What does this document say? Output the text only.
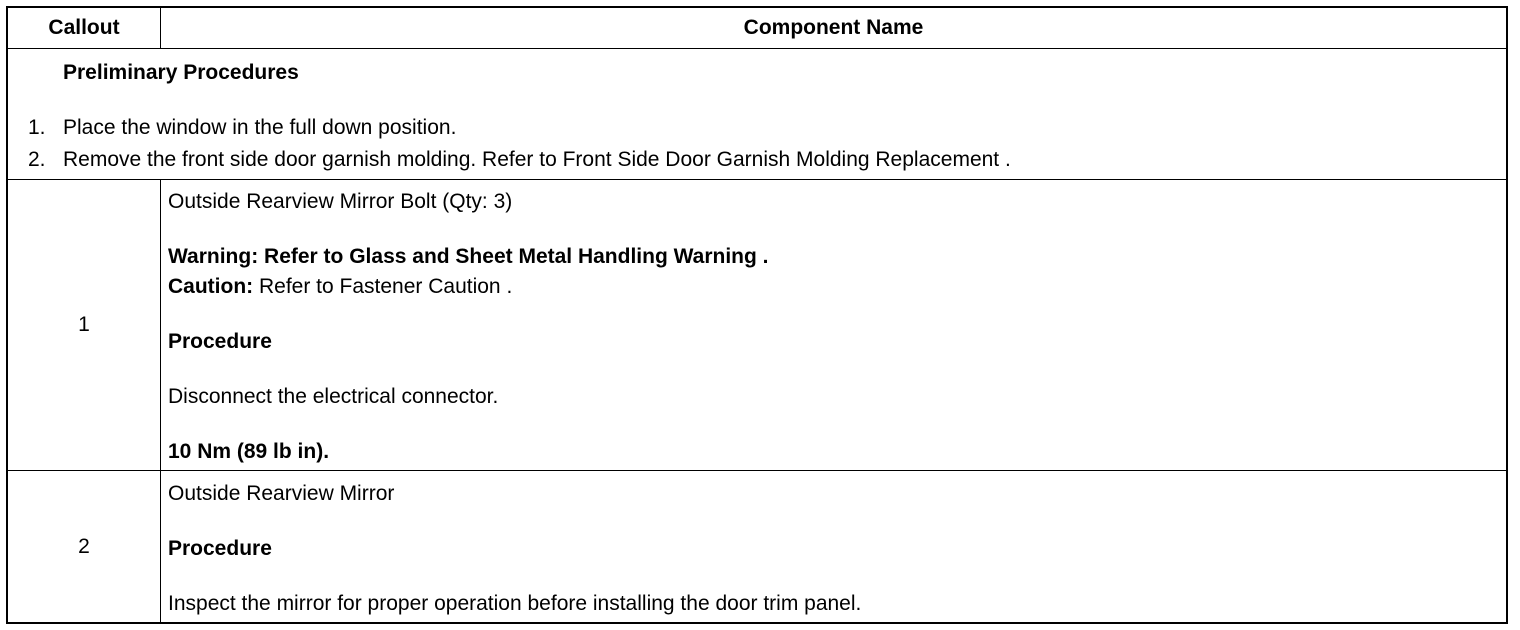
Callout	Component Name
Preliminary Procedures
1. Place the window in the full down position.
2. Remove the front side door garnish molding. Refer to Front Side Door Garnish Molding Replacement .
1
Outside Rearview Mirror Bolt (Qty: 3)
Warning: Refer to Glass and Sheet Metal Handling Warning .
Caution: Refer to Fastener Caution .
Procedure
Disconnect the electrical connector.
10 Nm (89 lb in).
2
Outside Rearview Mirror
Procedure
Inspect the mirror for proper operation before installing the door trim panel.
